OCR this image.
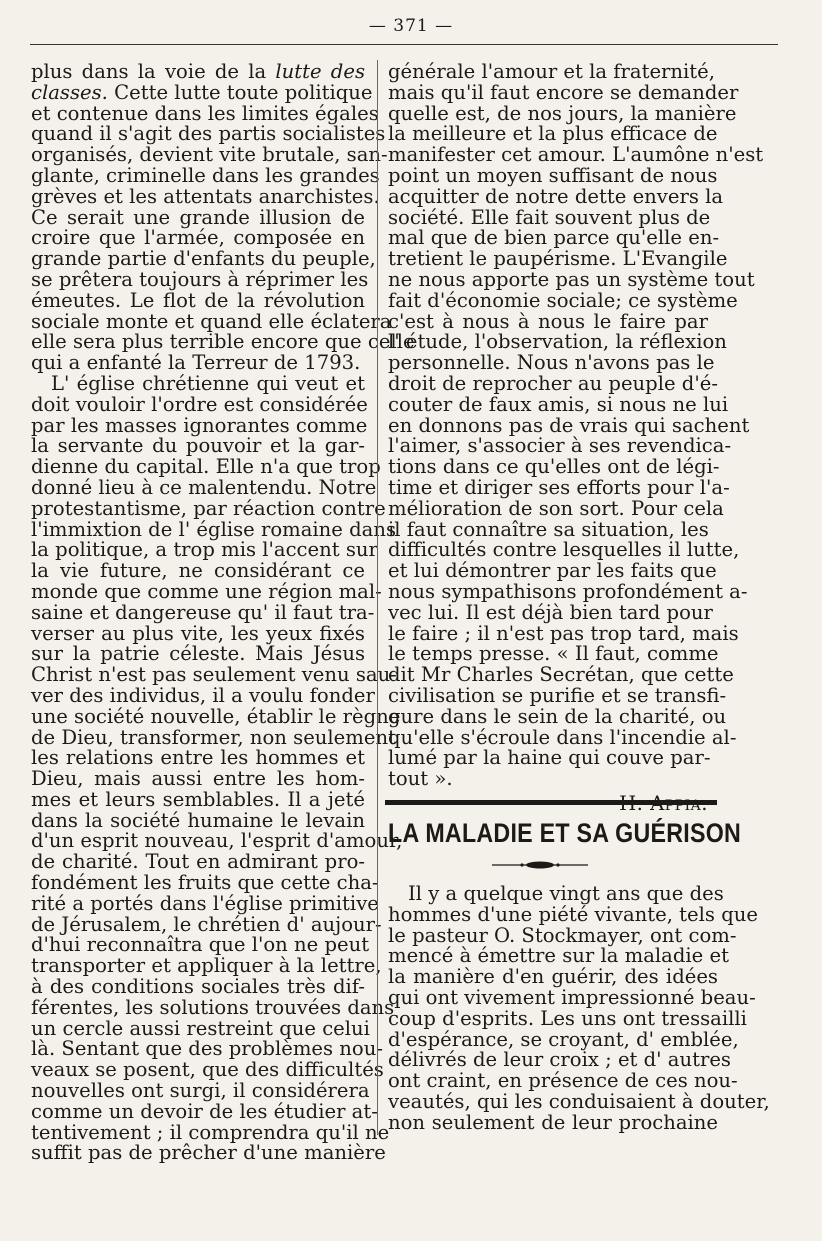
— 371 —
plus dans la voie de la lutte des
classes. Cette lutte toute politique
et contenue dans les limites égales
quand il s'agit des partis socialistes
organisés, devient vite brutale, san-
glante, criminelle dans les grandes
grèves et les attentats anarchistes.
Ce serait une grande illusion de
croire que l'armée, composée en
grande partie d'enfants du peuple,
se prêtera toujours à réprimer les
émeutes. Le flot de la révolution
sociale monte et quand elle éclatera
elle sera plus terrible encore que celle
qui a enfanté la Terreur de 1793.
L' église chrétienne qui veut et
doit vouloir l'ordre est considérée
par les masses ignorantes comme
la servante du pouvoir et la gar-
dienne du capital. Elle n'a que trop
donné lieu à ce malentendu. Notre
protestantisme, par réaction contre
l'immixtion de l' église romaine dans
la politique, a trop mis l'accent sur
la vie future, ne considérant ce
monde que comme une région mal-
saine et dangereuse qu' il faut tra-
verser au plus vite, les yeux fixés
sur la patrie céleste. Mais Jésus
Christ n'est pas seulement venu sau-
ver des individus, il a voulu fonder
une société nouvelle, établir le règne
de Dieu, transformer, non seulement
les relations entre les hommes et
Dieu, mais aussi entre les hom-
mes et leurs semblables. Il a jeté
dans la société humaine le levain
d'un esprit nouveau, l'esprit d'amour,
de charité. Tout en admirant pro-
fondément les fruits que cette cha-
rité a portés dans l'église primitive
de Jérusalem, le chrétien d' aujour-
d'hui reconnaîtra que l'on ne peut
transporter et appliquer à la lettre,
à des conditions sociales très dif-
férentes, les solutions trouvées dans
un cercle aussi restreint que celui
là. Sentant que des problèmes nou-
veaux se posent, que des difficultés
nouvelles ont surgi, il considérera
comme un devoir de les étudier at-
tentivement ; il comprendra qu'il ne
suffit pas de prêcher d'une manière
générale l'amour et la fraternité,
mais qu'il faut encore se demander
quelle est, de nos jours, la manière
la meilleure et la plus efficace de
manifester cet amour. L'aumône n'est
point un moyen suffisant de nous
acquitter de notre dette envers la
société. Elle fait souvent plus de
mal que de bien parce qu'elle en-
tretient le paupérisme. L'Evangile
ne nous apporte pas un système tout
fait d'économie sociale; ce système
c'est à nous à nous le faire par
l' étude, l'observation, la réflexion
personnelle. Nous n'avons pas le
droit de reprocher au peuple d'é-
couter de faux amis, si nous ne lui
en donnons pas de vrais qui sachent
l'aimer, s'associer à ses revendica-
tions dans ce qu'elles ont de légi-
time et diriger ses efforts pour l'a-
mélioration de son sort. Pour cela
il faut connaître sa situation, les
difficultés contre lesquelles il lutte,
et lui démontrer par les faits que
nous sympathisons profondément a-
vec lui. Il est déjà bien tard pour
le faire ; il n'est pas trop tard, mais
le temps presse. « Il faut, comme
dit Mr Charles Secrétan, que cette
civilisation se purifie et se transfi-
gure dans le sein de la charité, ou
qu'elle s'écroule dans l'incendie al-
lumé par la haine qui couve par-
tout ».
LA MALADIE ET SA GUÉRISON
Il y a quelque vingt ans que des
hommes d'une piété vivante, tels que
le pasteur O. Stockmayer, ont com-
mencé à émettre sur la maladie et
la manière d'en guérir, des idées
qui ont vivement impressionné beau-
coup d'esprits. Les uns ont tressailli
d'espérance, se croyant, d' emblée,
délivrés de leur croix ; et d' autres
ont craint, en présence de ces nou-
veautés, qui les conduisaient à douter,
non seulement de leur prochaine
